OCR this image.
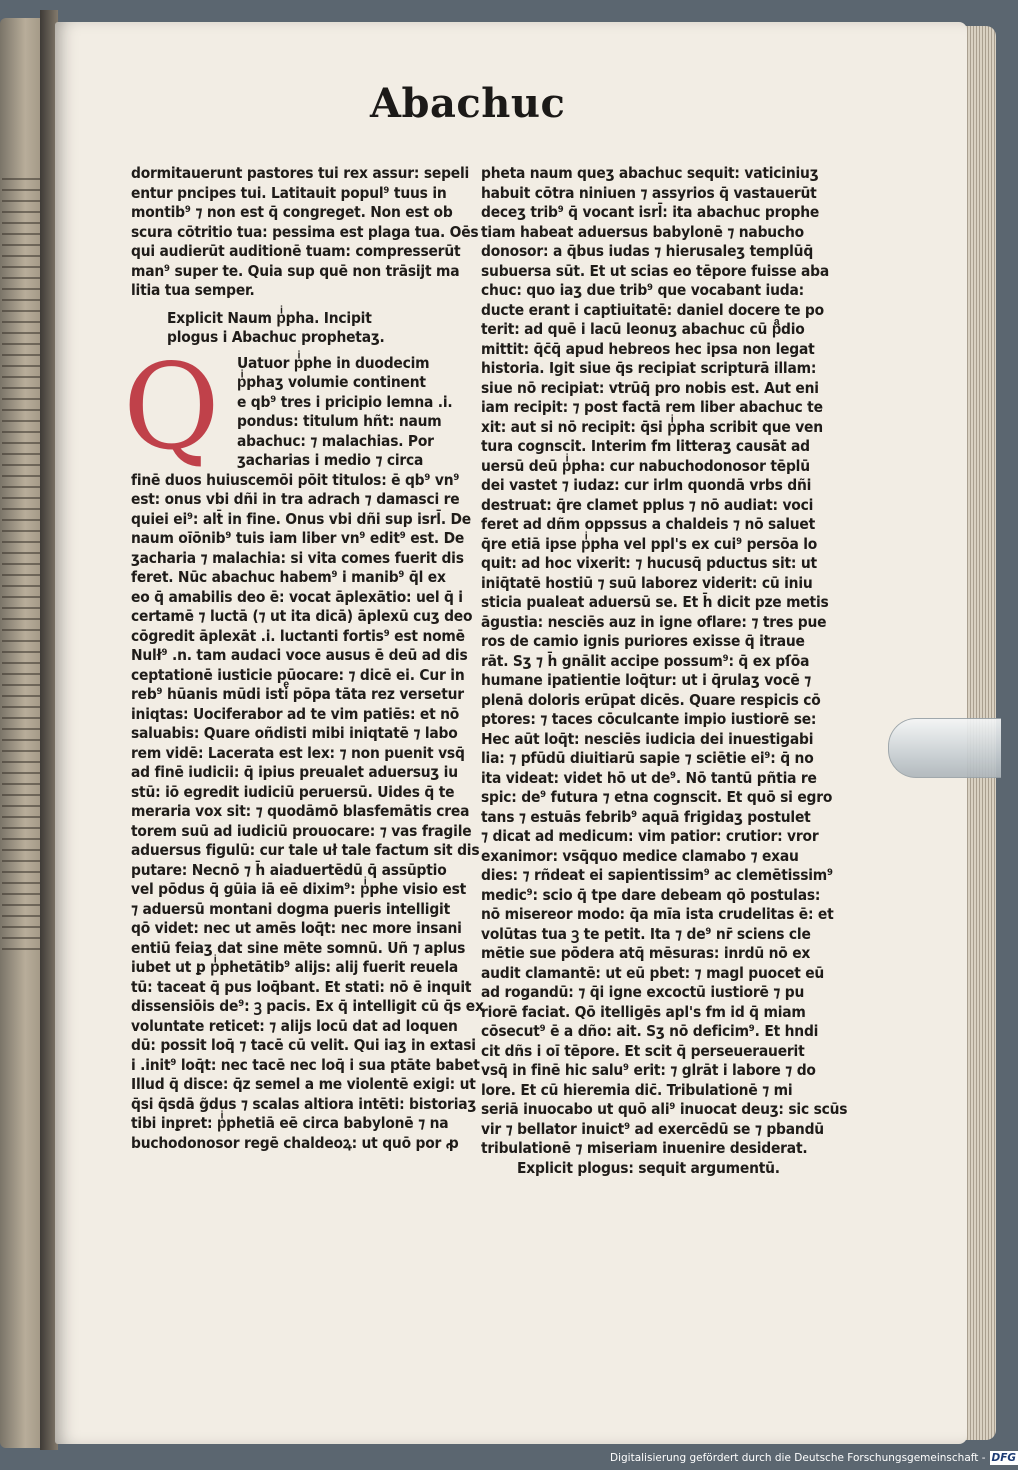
Abachuc
dormitauerunt pastores tui rex assur: sepeli
entur pncipes tui. Latitauit popul⁹ tuus in
montib⁹ ⁊ non est q̄ congreget. Non est ob
scura cōtritio tua: pessima est plaga tua. Oēs
qui audierūt auditionē tuam: compresserūt
man⁹ super te. Quia sup quē non trāsijt ma
litia tua semper.
Explicit Naum pͥpha. Incipit
plogus i Abachuc prophetaʒ.
Q Uatuor pͥphe in duodecim
pͥphaʒ volumie continent
e qb⁹ tres i pricipio lemna .i.
pondus: titulum hñt: naum
abachuc: ⁊ malachias. Por
ʒacharias i medio ⁊ circa
finē duos huiuscemōi pōit titulos: ē qb⁹ vn⁹
est: onus vbi dñi in tra adrach ⁊ damasci re
quiei ei⁹: alt̄ in fine. Onus vbi dñi sup isrl̄. De
naum oīōnib⁹ tuis iam liber vn⁹ edit⁹ est. De
ʒacharia ⁊ malachia: si vita comes fuerit dis
feret. Nūc abachuc habem⁹ i manib⁹ q̄l ex
eo q̄ amabilis deo ē: vocat āplexātio: uel q̄ i
certamē ⁊ luctā (⁊ ut ita dicā) āplexū cuʒ deo
cōgredit āplexāt .i. luctanti fortis⁹ est nomē
Nulł⁹ .n. tam audaci voce ausus ē deū ad dis
ceptationē iusticie pūocare: ⁊ dicē ei. Cur in
reb⁹ hūanis mūdi istiͤ pōpa tāta rez versetur
iniqtas: Uociferabor ad te vim patiēs: et nō
saluabis: Quare oñdisti mibi iniqtatē ⁊ labo
rem vidē: Lacerata est lex: ⁊ non puenit vsq̄
ad finē iudicii: q̄ ipius preualet aduersuʒ iu
stū: iō egredit iudiciū peruersū. Uides q̄ te
meraria vox sit: ⁊ quodāmō blasfemātis crea
torem suū ad iudiciū prouocare: ⁊ vas fragile
aduersus figulū: cur tale uł tale factum sit dis
putare: Necnō ⁊ h̄ aiaduertēdū q̄ assūptio
vel pōdus q̄ gūia iā eē dixim⁹: pͥphe visio est
⁊ aduersū montani dogma pueris intelligit
qō videt: nec ut amēs loq̄t: nec more insani
entiū feiaʒ dat sine mēte somnū. Uñ ⁊ aplus
iubet ut ꝑ pͥphetātib⁹ alijs: alij fuerit reuela
tū: taceat q̄ pus loq̄bant. Et stati: nō ē inquit
dissensiōis de⁹: ꝫ pacis. Ex q̄ intelligit cū q̄s ex
voluntate reticet: ⁊ alijs locū dat ad loquen
dū: possit loq̄ ⁊ tacē cū velit. Qui iaʒ in extasi
i .init⁹ loq̄t: nec tacē nec loq̄ i sua ptāte babet
Illud q̄ disce: q̄z semel a me violentē exigi: ut
q̄si q̄sdā g̃dus ⁊ scalas altiora intēti: bistoriaʒ
tibi inꝑret: pͥphetiā eē circa babylonē ⁊ na
buchodonosor regē chaldeoꝝ: ut quō por ꝓ
pheta naum queʒ abachuc sequit: vaticiniuʒ
habuit cōtra niniuen ⁊ assyrios q̄ vastauerūt
deceʒ trib⁹ q̄ vocant isrl̄: ita abachuc prophe
tiam habeat aduersus babylonē ⁊ nabucho
donosor: a q̄bus iudas ⁊ hierusaleʒ templūq̄
subuersa sūt. Et ut scias eo tēpore fuisse aba
chuc: quo iaʒ due trib⁹ que vocabant iuda:
ducte erant i captiuitatē: daniel docere te po
terit: ad quē i lacū leonuʒ abachuc cū pͣdio
mittit: q̄c̄q̄ apud hebreos hec ipsa non legat
historia. Igit siue q̄s recipiat scripturā illam:
siue nō recipiat: vtrūq̄ pro nobis est. Aut eni
iam recipit: ⁊ post factā rem liber abachuc te
xit: aut si nō recipit: q̄si pͥpha scribit que ven
tura cognscit. Interim fm litteraʒ causāt ad
uersū deū pͥpha: cur nabuchodonosor tēplū
dei vastet ⁊ iudaz: cur irlm quondā vrbs dñi
destruat: q̄re clamet pplus ⁊ nō audiat: voci
feret ad dñm oppssus a chaldeis ⁊ nō saluet
q̄re etiā ipse pͥpha vel ppl's ex cui⁹ persōa lo
quit: ad hoc vixerit: ⁊ hucusq̄ pductus sit: ut
iniq̄tatē hostiū ⁊ suū laborez viderit: cū iniu
sticia pualeat aduersū se. Et h̄ dicit pze metis
āgustia: nesciēs auz in igne oflare: ⁊ tres pue
ros de camio ignis puriores exisse q̄ itraue
rāt. Sʒ ⁊ h̄ gnālit accipe possum⁹: q̄ ex pſōa
humane ipatientie loq̄tur: ut i q̄rulaʒ vocē ⁊
plenā doloris erūpat dicēs. Quare respicis cō
ptores: ⁊ taces cōculcante impio iustiorē se:
Hec aūt loq̄t: nesciēs iudicia dei inuestigabi
lia: ⁊ pfūdū diuitiarū sapie ⁊ sciētie ei⁹: q̄ no
ita videat: videt hō ut de⁹. Nō tantū pñtia re
spic: de⁹ futura ⁊ etna cognscit. Et quō si egro
tans ⁊ estuās febrib⁹ aquā frigidaʒ postulet
⁊ dicat ad medicum: vim patior: crutior: vror
exanimor: vsq̄quo medice clamabo ⁊ exau
dies: ⁊ rñdeat ei sapientissim⁹ ac clemētissim⁹
medic⁹: scio q̄ tpe dare debeam qō postulas:
nō misereor modo: q̄a mīa ista crudelitas ē: et
volūtas tua ꝫ te petit. Ita ⁊ de⁹ nr̄ sciens cle
mētie sue pōdera atq̄ mēsuras: inrdū nō ex
audit clamantē: ut eū pbet: ⁊ magl puocet eū
ad rogandū: ⁊ q̄i igne excoctū iustiorē ⁊ pu
riorē faciat. Qō itelligēs apl's fm id q̄ miam
cōsecut⁹ ē a dño: ait. Sʒ nō deficim⁹. Et hndi
cit dñs i oī tēpore. Et scit q̄ perseuerauerit
vsq̄ in finē hic salu⁹ erit: ⁊ glrāt i labore ⁊ do
lore. Et cū hieremia dic̄. Tribulationē ⁊ mi
seriā inuocabo ut quō ali⁹ inuocat deuʒ: sic scūs
vir ⁊ bellator inuict⁹ ad exercēdū se ⁊ pbandū
tribulationē ⁊ miseriam inuenire desiderat.
Explicit plogus: sequit argumentū.
Digitalisierung gefördert durch die Deutsche Forschungsgemeinschaft - DFG
